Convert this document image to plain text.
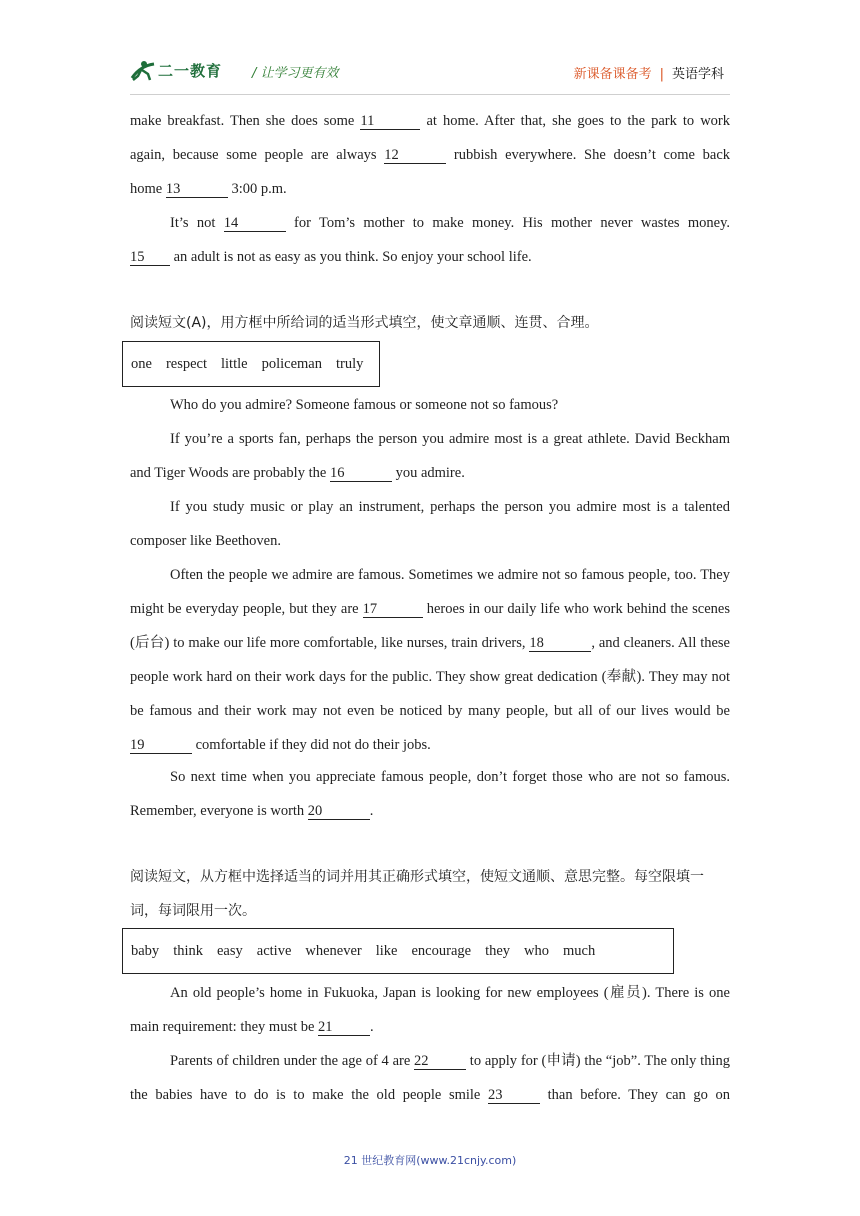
二一教育 / 让学习更有效	新课备课备考 | 英语学科
make breakfast. Then she does some 11	at home. After that, she goes to the park to work
again, because some people are always 12	rubbish everywhere. She doesn’t come back
home 13	3:00 p.m.
It’s not 14	for Tom’s mother to make money. His mother never wastes money.
15 an adult is not as easy as you think. So enjoy your school life.
阅读短文(A)，用方框中所给词的适当形式填空，使文章通顺、连贯、合理。
one respect little policeman truly
Who do you admire? Someone famous or someone not so famous?
If you’re a sports fan, perhaps the person you admire most is a great athlete. David Beckham and Tiger Woods are probably the 16	you admire.
If you study music or play an instrument, perhaps the person you admire most is a talented composer like Beethoven.
Often the people we admire are famous. Sometimes we admire not so famous people, too. They might be everyday people, but they are 17	heroes in our daily life who work behind the scenes (后台) to make our life more comfortable, like nurses, train drivers, 18	, and cleaners. All these people work hard on their work days for the public. They show great dedication (奉献). They may not be famous and their work may not even be noticed by many people, but all of our lives would be 19	comfortable if they did not do their jobs.
So next time when you appreciate famous people, don’t forget those who are not so famous. Remember, everyone is worth 20	.
阅读短文，从方框中选择适当的词并用其正确形式填空，使短文通顺、意思完整。每空限填一词，每词限用一次。
baby think easy active whenever like encourage they who much
An old people’s home in Fukuoka, Japan is looking for new employees (雇员). There is one main requirement: they must be 21	.
Parents of children under the age of 4 are 22	to apply for (申请) the “job”. The only thing the babies have to do is to make the old people smile 23	than before. They can go on
21 世纪教育网(www.21cnjy.com)
